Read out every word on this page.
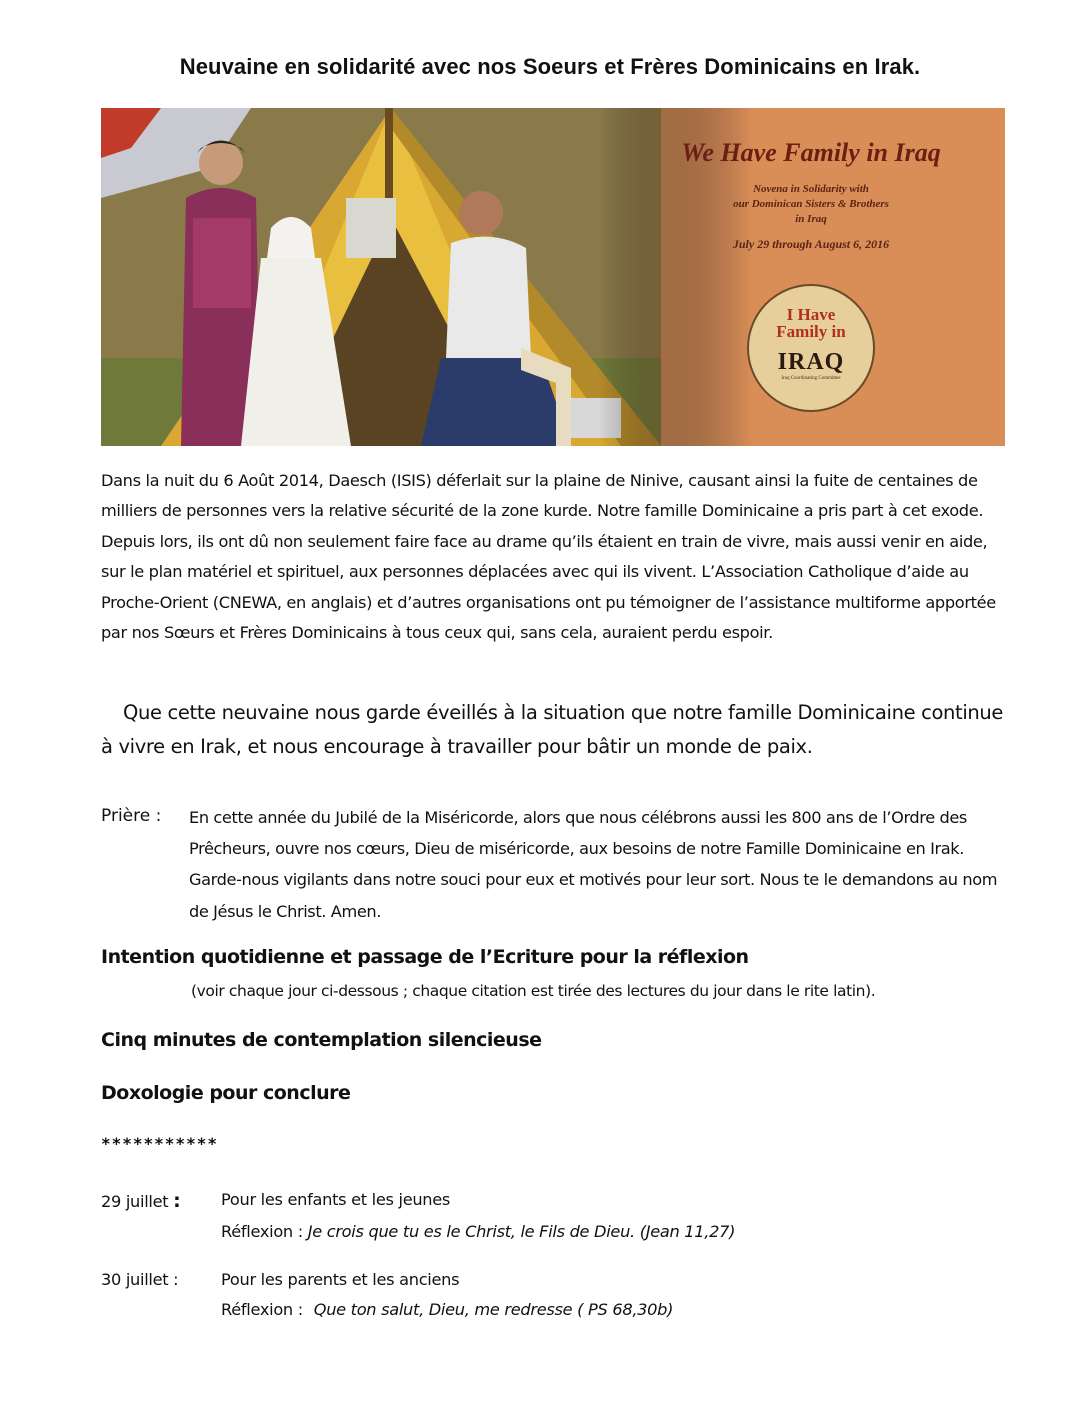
Neuvaine en solidarité avec nos Soeurs et Frères Dominicains en Irak.
We Have Family in Iraq
Novena in Solidarity with
our Dominican Sisters & Brothers
in Iraq
July 29 through August 6, 2016
I Have
Family in
IRAQ
Iraq Coordinating Committee
Dans la nuit du 6 Août 2014, Daesch (ISIS) déferlait sur la plaine de Ninive, causant ainsi la fuite de centaines de milliers de personnes vers la relative sécurité de la zone kurde. Notre famille Dominicaine a pris part à cet exode. Depuis lors, ils ont dû non seulement faire face au drame qu’ils étaient en train de vivre, mais aussi venir en aide, sur le plan matériel et spirituel, aux personnes déplacées avec qui ils vivent. L’Association Catholique d’aide au Proche-Orient (CNEWA, en anglais) et d’autres organisations ont pu témoigner de l’assistance multiforme apportée par nos Sœurs et Frères Dominicains à tous ceux qui, sans cela, auraient perdu espoir.
Que cette neuvaine nous garde éveillés à la situation que notre famille Dominicaine continue à vivre en Irak, et nous encourage à travailler pour bâtir un monde de paix.
Prière : En cette année du Jubilé de la Miséricorde, alors que nous célébrons aussi les 800 ans de l’Ordre des Prêcheurs, ouvre nos cœurs, Dieu de miséricorde, aux besoins de notre Famille Dominicaine en Irak. Garde-nous vigilants dans notre souci pour eux et motivés pour leur sort. Nous te le demandons au nom de Jésus le Christ. Amen.
Intention quotidienne et passage de l’Ecriture pour la réflexion
(voir chaque jour ci-dessous ; chaque citation est tirée des lectures du jour dans le rite latin).
Cinq minutes de contemplation silencieuse
Doxologie pour conclure
***********
29 juillet :	Pour les enfants et les jeunes
Réflexion : Je crois que tu es le Christ, le Fils de Dieu. (Jean 11,27)
30 juillet :	Pour les parents et les anciens
Réflexion : Que ton salut, Dieu, me redresse ( PS 68,30b)
